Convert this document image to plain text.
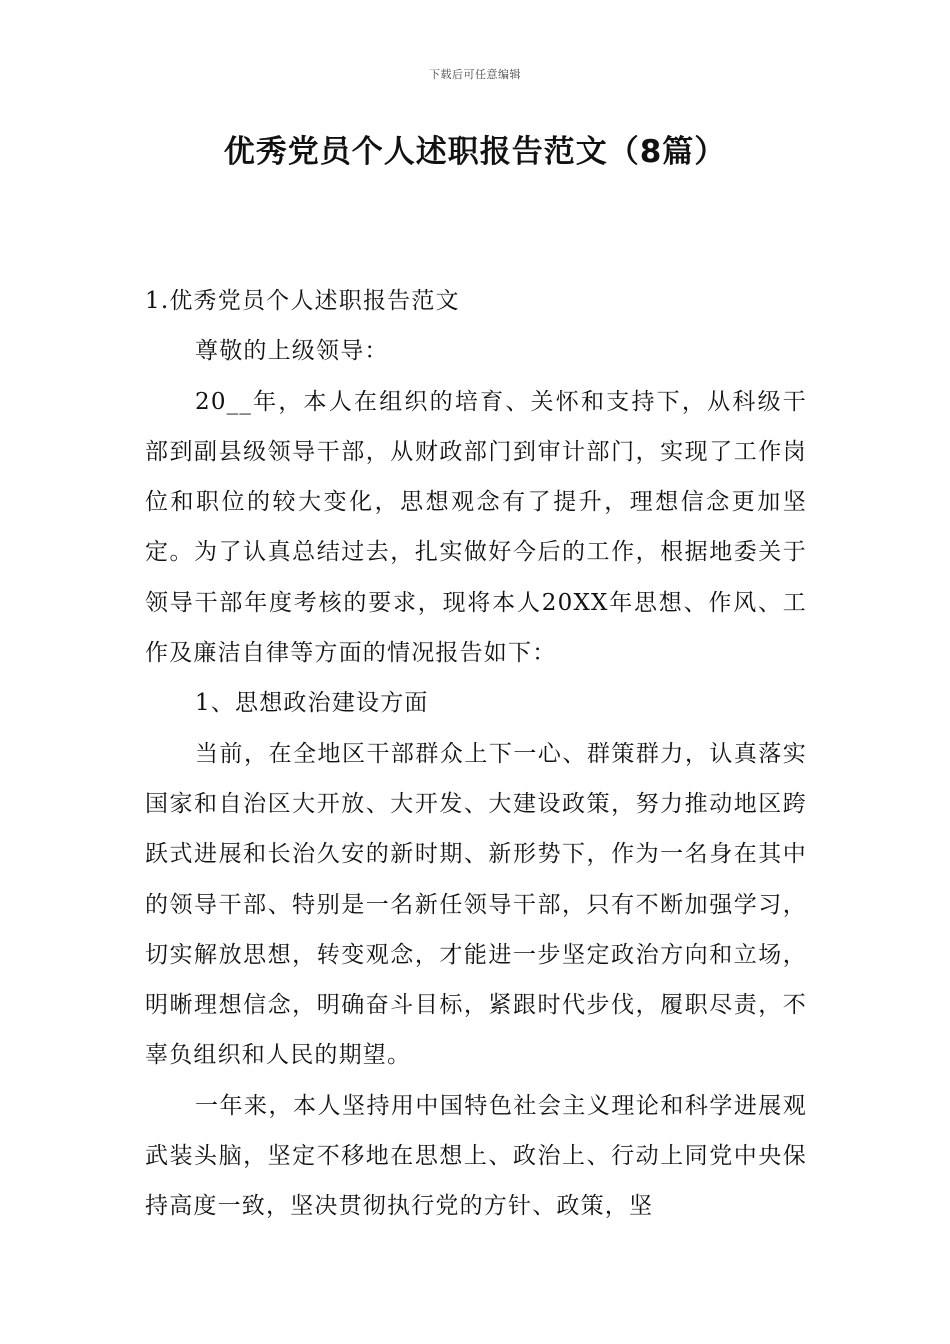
下载后可任意编辑
优秀党员个人述职报告范文（8篇）

1.优秀党员个人述职报告范文

尊敬的上级领导：

20__年，本人在组织的培育、关怀和支持下，从科级干部到副县级领导干部，从财政部门到审计部门，实现了工作岗位和职位的较大变化，思想观念有了提升，理想信念更加坚定。为了认真总结过去，扎实做好今后的工作，根据地委关于领导干部年度考核的要求，现将本人20XX年思想、作风、工作及廉洁自律等方面的情况报告如下：

1、思想政治建设方面

当前，在全地区干部群众上下一心、群策群力，认真落实国家和自治区大开放、大开发、大建设政策，努力推动地区跨跃式进展和长治久安的新时期、新形势下，作为一名身在其中的领导干部、特别是一名新任领导干部，只有不断加强学习，切实解放思想，转变观念，才能进一步坚定政治方向和立场，明晰理想信念，明确奋斗目标，紧跟时代步伐，履职尽责，不辜负组织和人民的期望。

一年来，本人坚持用中国特色社会主义理论和科学进展观武装头脑，坚定不移地在思想上、政治上、行动上同党中央保持高度一致，坚决贯彻执行党的方针、政策，坚
